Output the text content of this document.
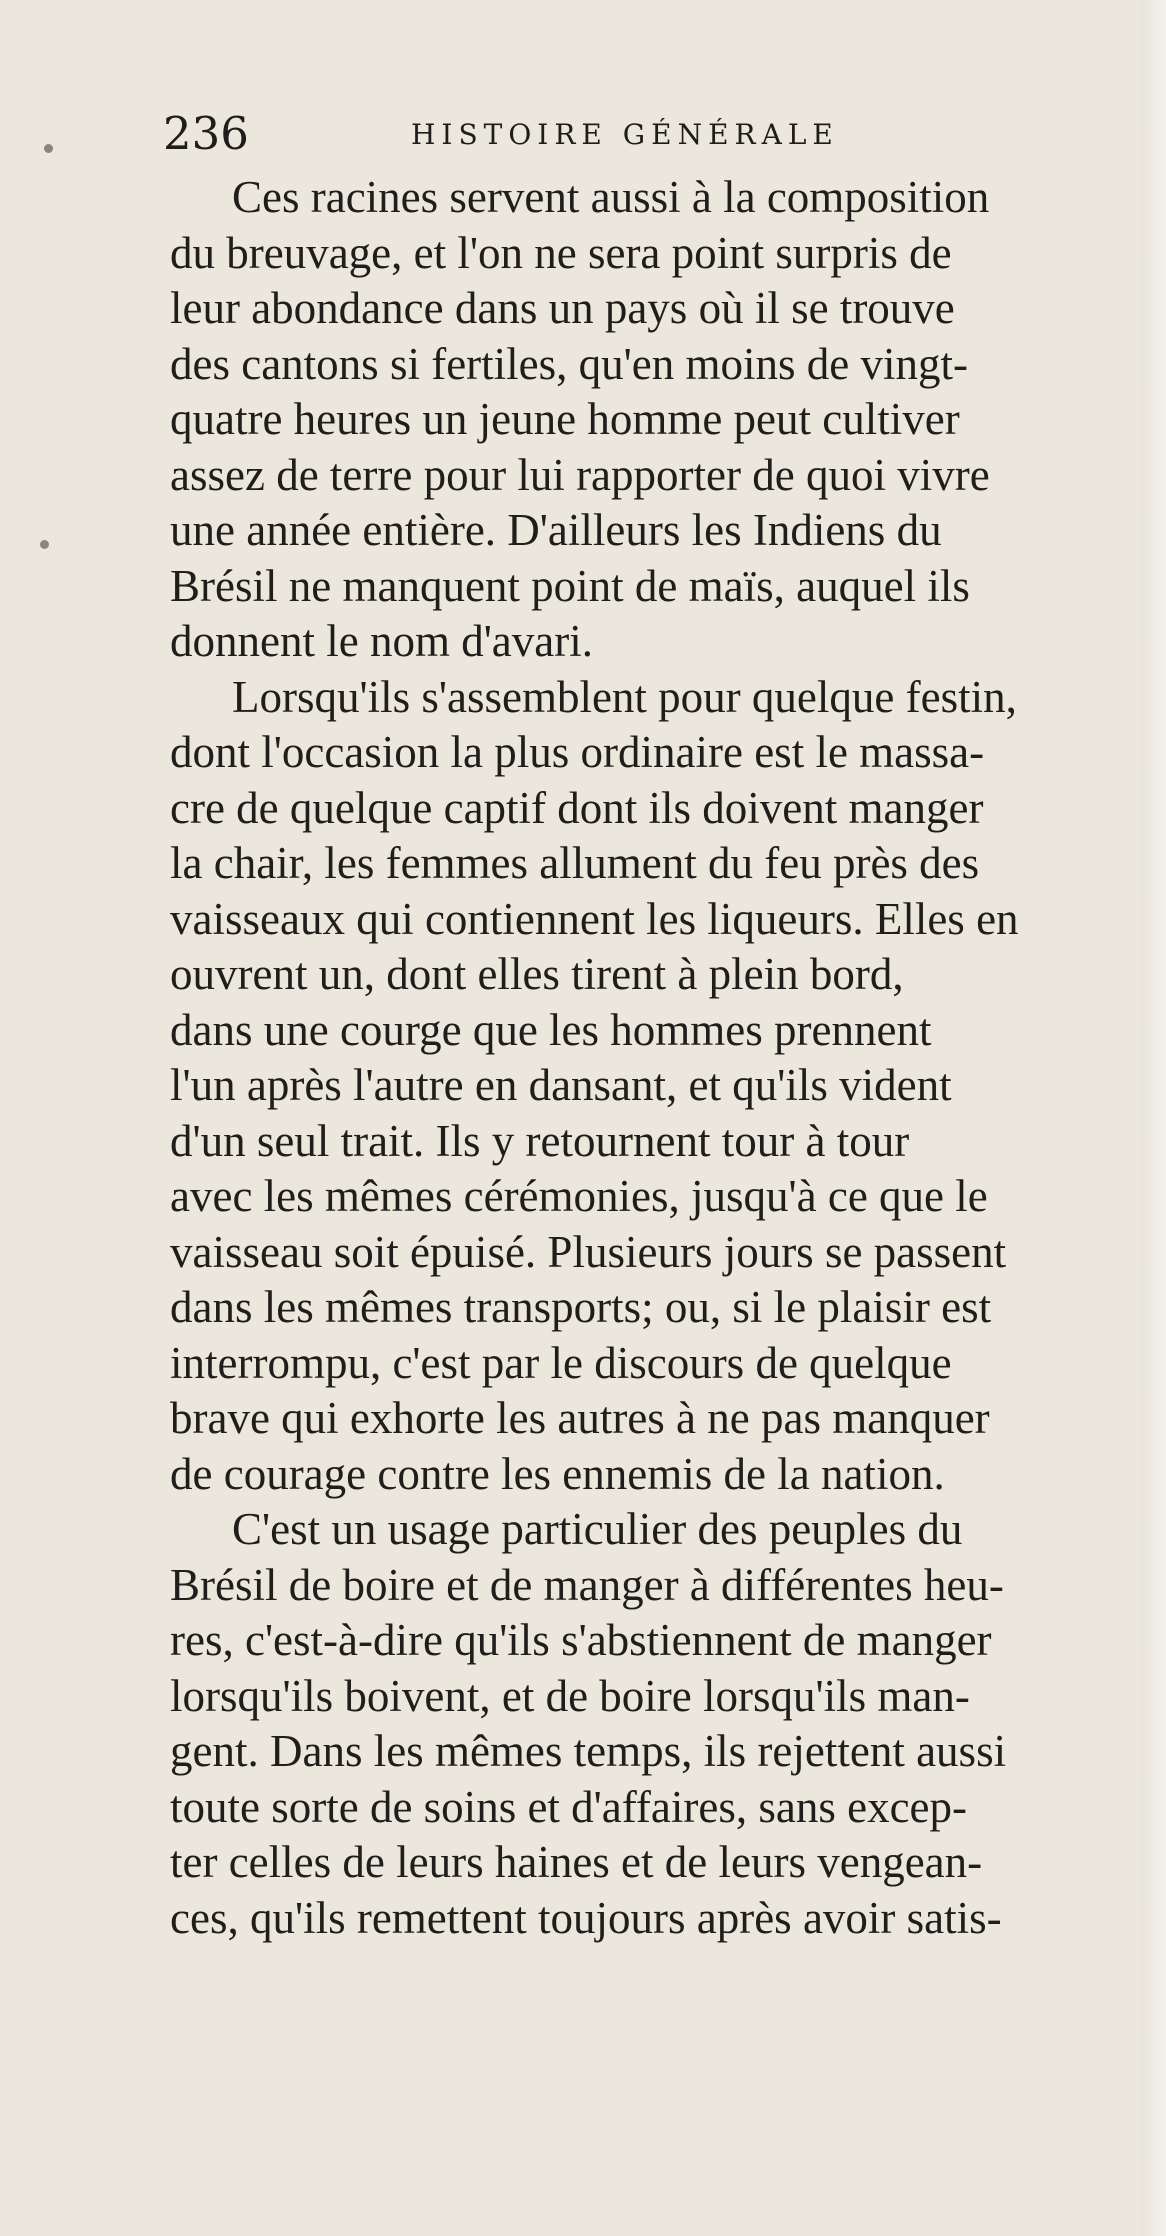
236	HISTOIRE GÉNÉRALE
Ces racines servent aussi à la composition
du breuvage, et l'on ne sera point surpris de
leur abondance dans un pays où il se trouve
des cantons si fertiles, qu'en moins de vingt-
quatre heures un jeune homme peut cultiver
assez de terre pour lui rapporter de quoi vivre
une année entière. D'ailleurs les Indiens du
Brésil ne manquent point de maïs, auquel ils
donnent le nom d'avari.
Lorsqu'ils s'assemblent pour quelque festin,
dont l'occasion la plus ordinaire est le massa-
cre de quelque captif dont ils doivent manger
la chair, les femmes allument du feu près des
vaisseaux qui contiennent les liqueurs. Elles en
ouvrent un, dont elles tirent à plein bord,
dans une courge que les hommes prennent
l'un après l'autre en dansant, et qu'ils vident
d'un seul trait. Ils y retournent tour à tour
avec les mêmes cérémonies, jusqu'à ce que le
vaisseau soit épuisé. Plusieurs jours se passent
dans les mêmes transports; ou, si le plaisir est
interrompu, c'est par le discours de quelque
brave qui exhorte les autres à ne pas manquer
de courage contre les ennemis de la nation.
C'est un usage particulier des peuples du
Brésil de boire et de manger à différentes heu-
res, c'est-à-dire qu'ils s'abstiennent de manger
lorsqu'ils boivent, et de boire lorsqu'ils man-
gent. Dans les mêmes temps, ils rejettent aussi
toute sorte de soins et d'affaires, sans excep-
ter celles de leurs haines et de leurs vengean-
ces, qu'ils remettent toujours après avoir satis-
